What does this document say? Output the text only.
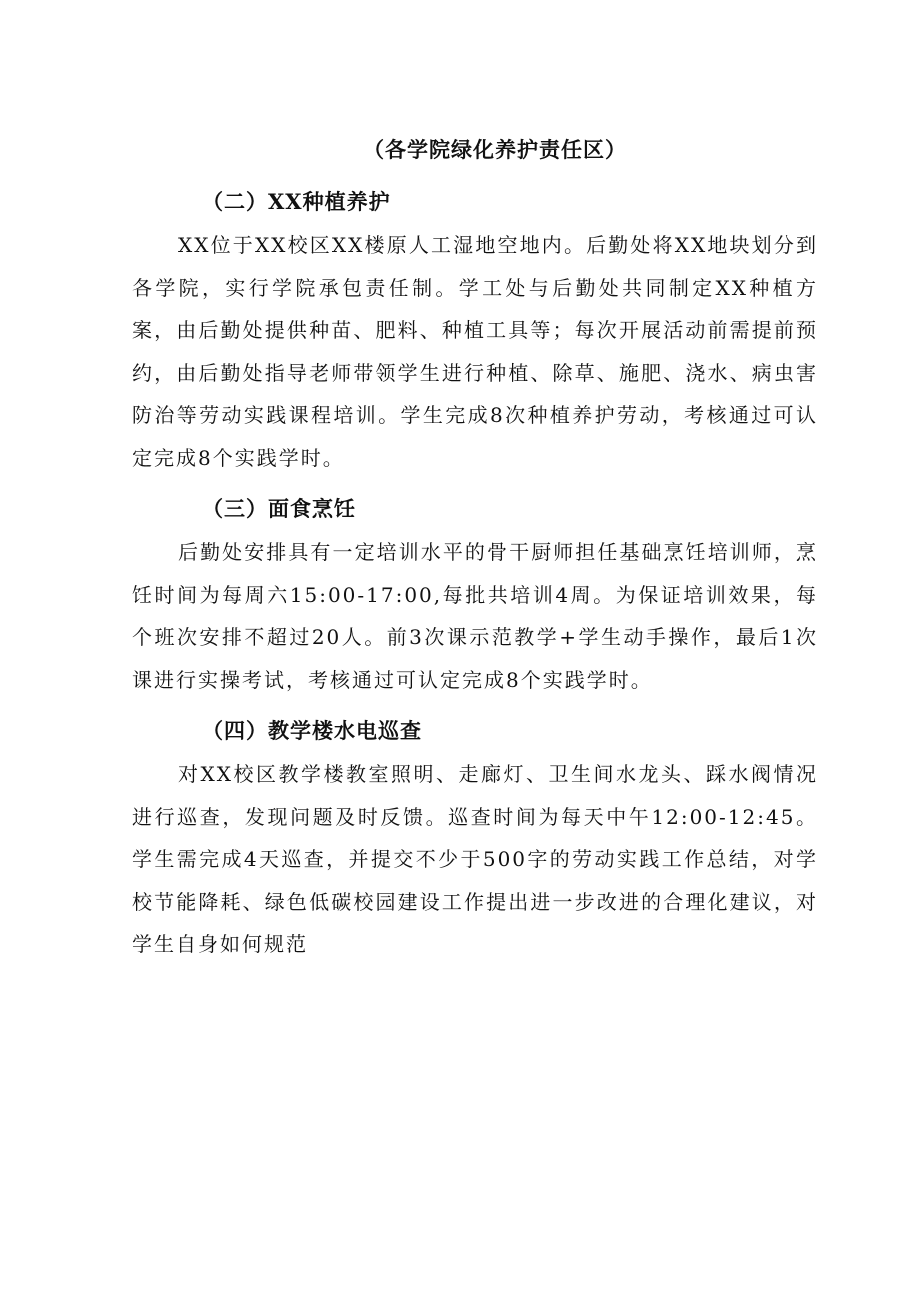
（各学院绿化养护责任区）

（二）XX种植养护

XX位于XX校区XX楼原人工湿地空地内。后勤处将XX地块划分到各学院，实行学院承包责任制。学工处与后勤处共同制定XX种植方案，由后勤处提供种苗、肥料、种植工具等；每次开展活动前需提前预约，由后勤处指导老师带领学生进行种植、除草、施肥、浇水、病虫害防治等劳动实践课程培训。学生完成8次种植养护劳动，考核通过可认定完成8个实践学时。

（三）面食烹饪

后勤处安排具有一定培训水平的骨干厨师担任基础烹饪培训师，烹饪时间为每周六15:00-17:00,每批共培训4周。为保证培训效果，每个班次安排不超过20人。前3次课示范教学+学生动手操作，最后1次课进行实操考试，考核通过可认定完成8个实践学时。

（四）教学楼水电巡查

对XX校区教学楼教室照明、走廊灯、卫生间水龙头、踩水阀情况进行巡查，发现问题及时反馈。巡查时间为每天中午12:00-12:45。学生需完成4天巡查，并提交不少于500字的劳动实践工作总结，对学校节能降耗、绿色低碳校园建设工作提出进一步改进的合理化建议，对学生自身如何规范
